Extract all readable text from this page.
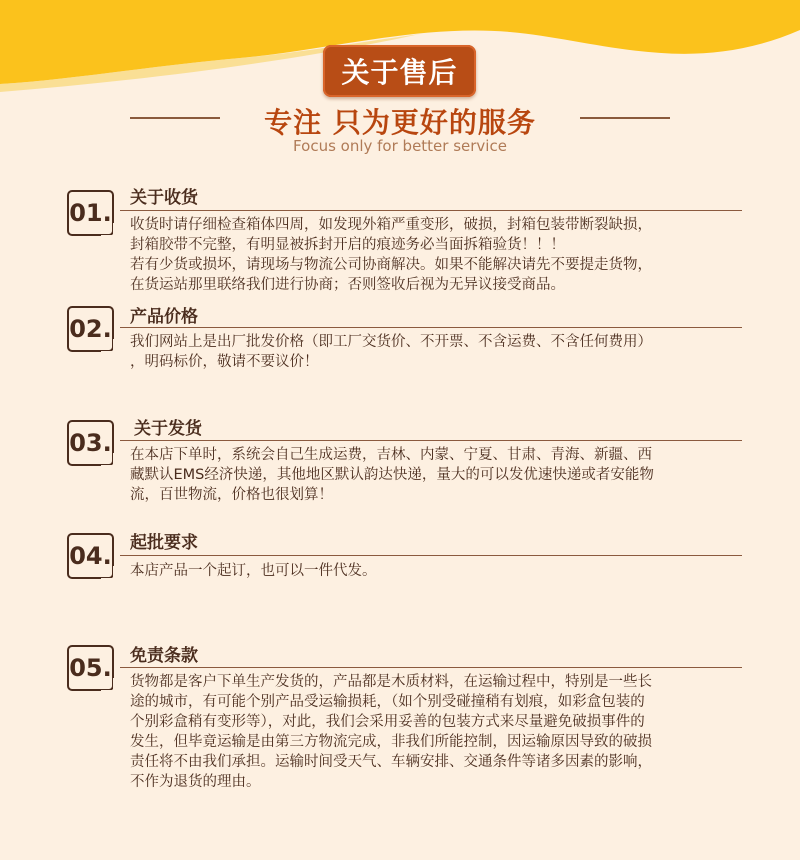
关于售后
专注 只为更好的服务
Focus only for better service
01.
关于收货
收货时请仔细检查箱体四周，如发现外箱严重变形，破损，封箱包装带断裂缺损，
封箱胶带不完整，有明显被拆封开启的痕迹务必当面拆箱验货！！！
若有少货或损坏，请现场与物流公司协商解决。如果不能解决请先不要提走货物，
在货运站那里联络我们进行协商；否则签收后视为无异议接受商品。
02. 产品价格
我们网站上是出厂批发价格（即工厂交货价、不开票、不含运费、不含任何费用）
，明码标价，敬请不要议价！
03. 关于发货
在本店下单时，系统会自己生成运费，吉林、内蒙、宁夏、甘肃、青海、新疆、西
藏默认EMS经济快递，其他地区默认韵达快递，量大的可以发优速快递或者安能物
流，百世物流，价格也很划算！
04. 起批要求
本店产品一个起订，也可以一件代发。
05. 免责条款
货物都是客户下单生产发货的，产品都是木质材料，在运输过程中，特别是一些长
途的城市，有可能个别产品受运输损耗，（如个别受碰撞稍有划痕，如彩盒包装的
个别彩盒稍有变形等），对此，我们会采用妥善的包装方式来尽量避免破损事件的
发生，但毕竟运输是由第三方物流完成，非我们所能控制，因运输原因导致的破损
责任将不由我们承担。运输时间受天气、车辆安排、交通条件等诸多因素的影响，
不作为退货的理由。
